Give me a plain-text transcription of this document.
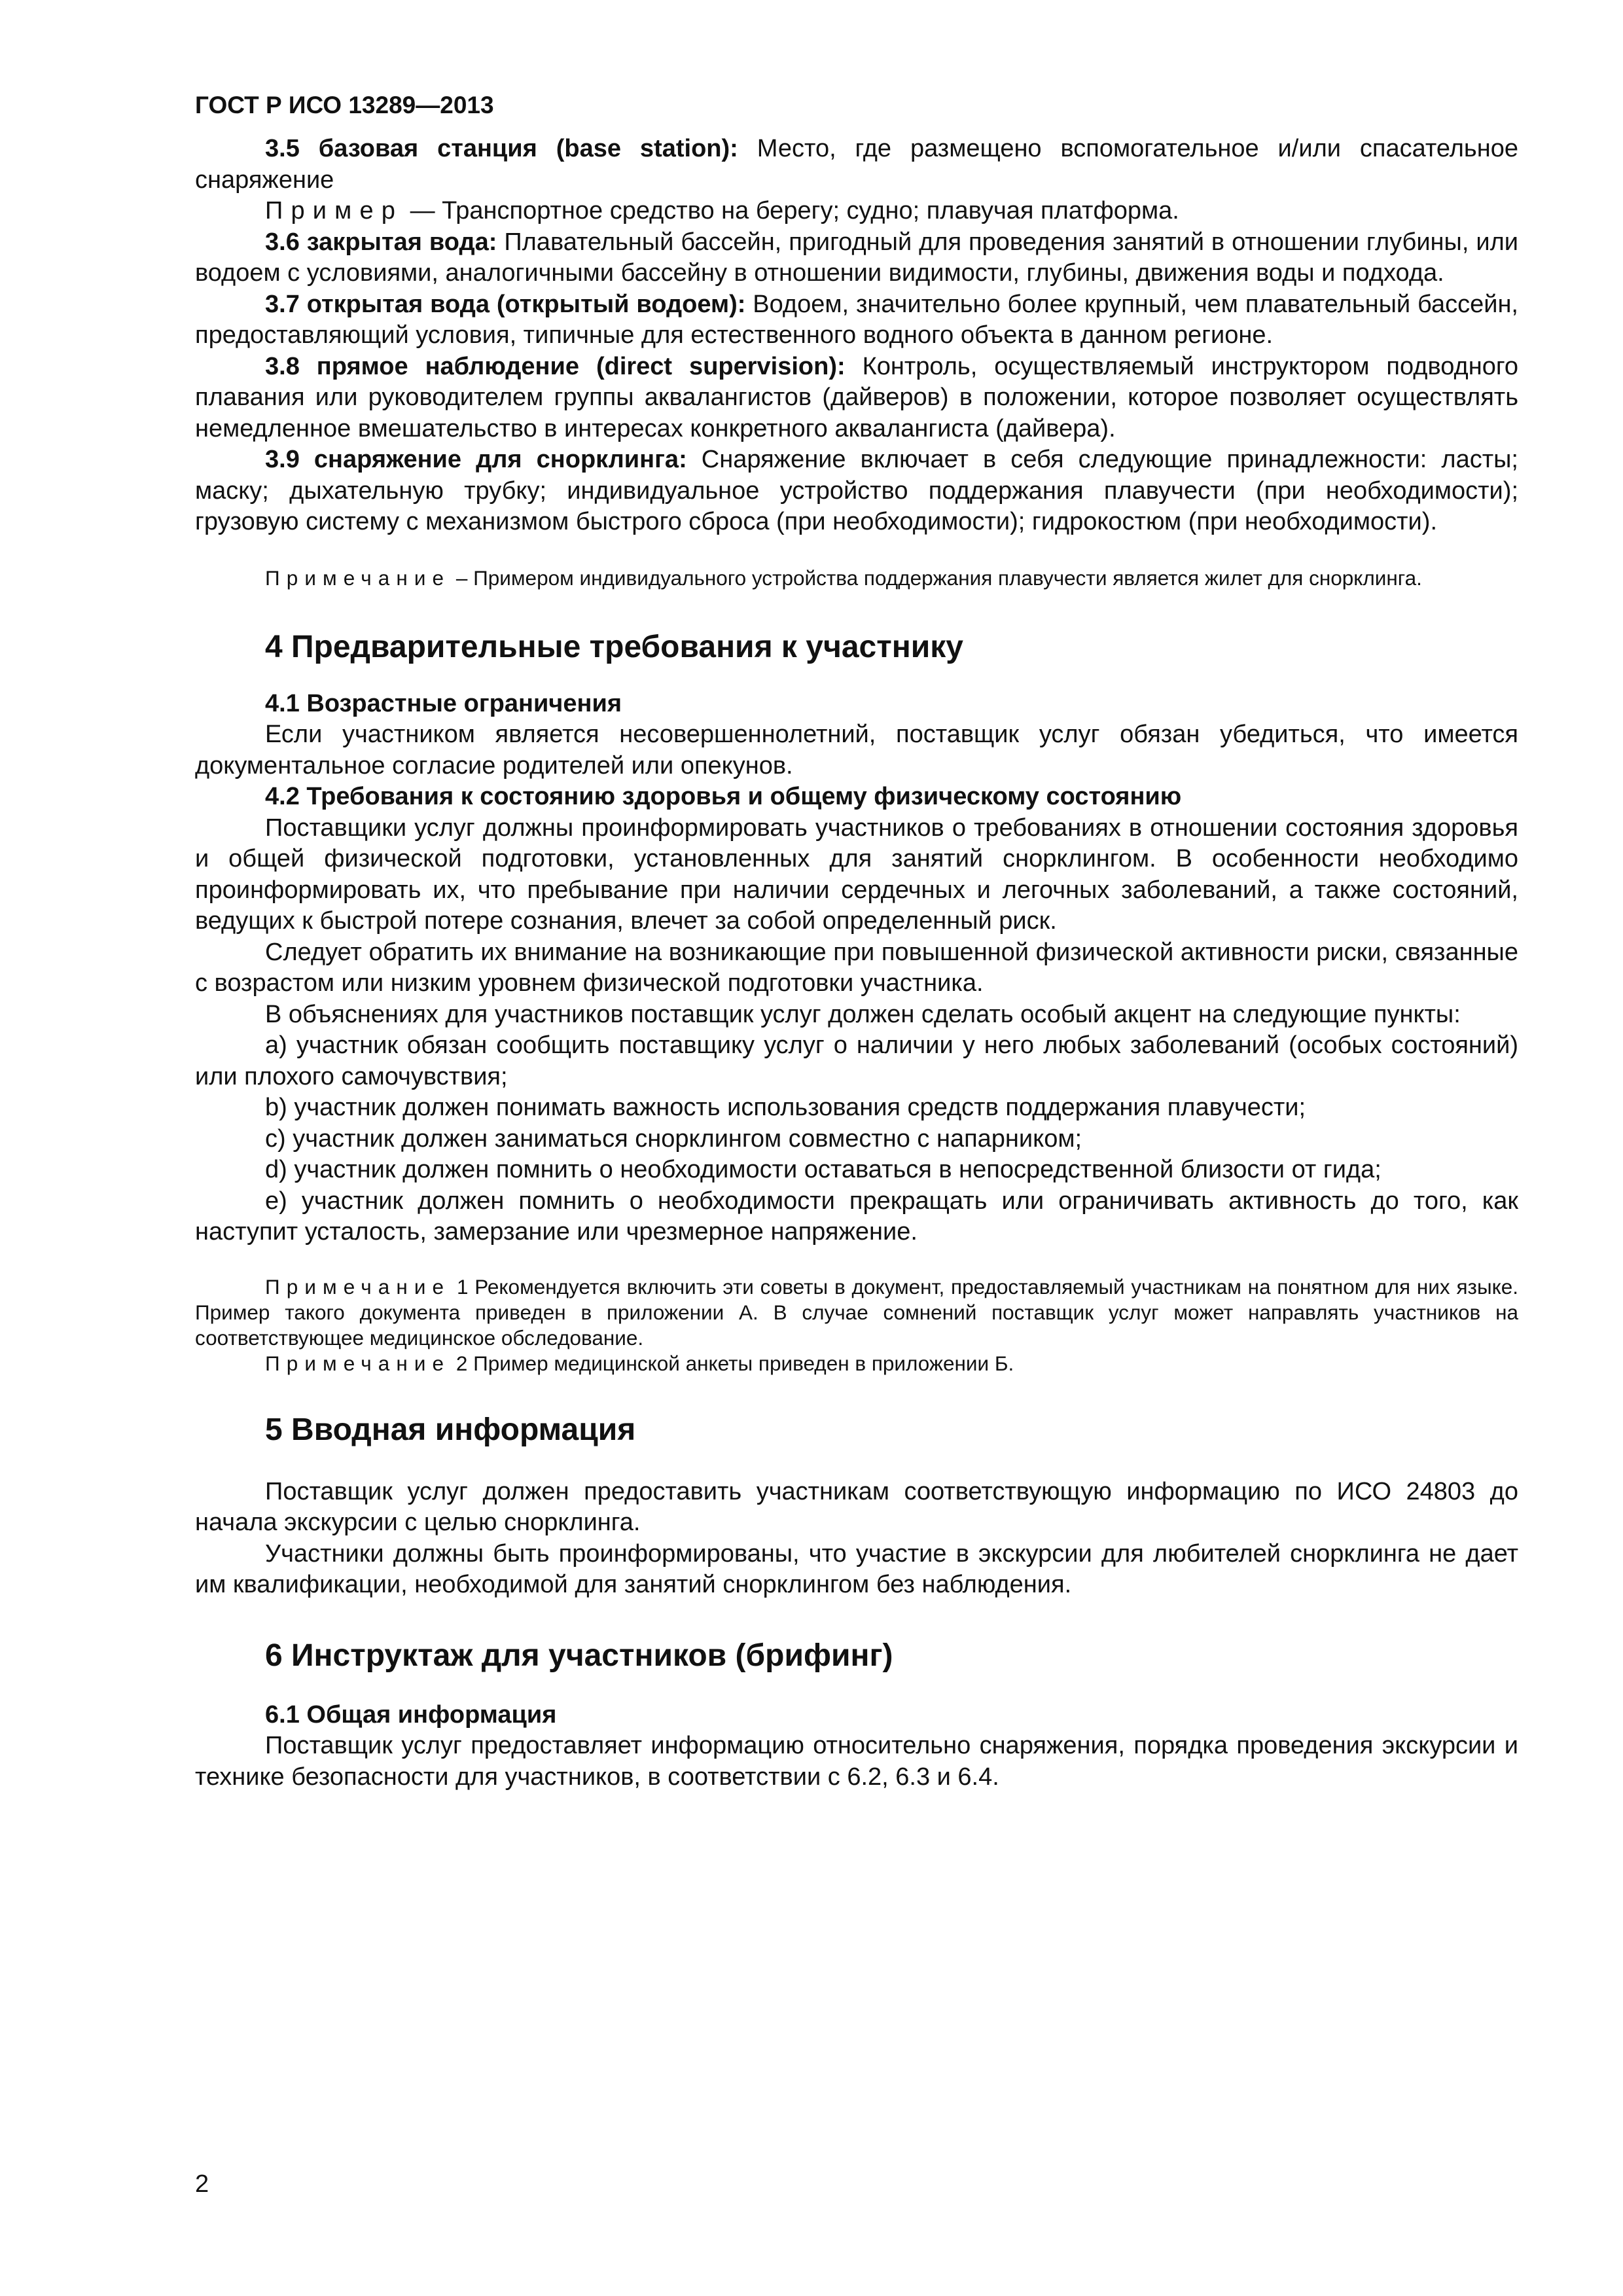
ГОСТ Р ИСО 13289—2013

3.5 базовая станция (base station): Место, где размещено вспомогательное и/или спасательное снаряжение

Пример — Транспортное средство на берегу; судно; плавучая платформа.

3.6 закрытая вода: Плавательный бассейн, пригодный для проведения занятий в отношении глубины, или водоем с условиями, аналогичными бассейну в отношении видимости, глубины, движения воды и подхода.

3.7 открытая вода (открытый водоем): Водоем, значительно более крупный, чем плавательный бассейн, предоставляющий условия, типичные для естественного водного объекта в данном регионе.

3.8 прямое наблюдение (direct supervision): Контроль, осуществляемый инструктором подводного плавания или руководителем группы аквалангистов (дайверов) в положении, которое позволяет осуществлять немедленное вмешательство в интересах конкретного аквалангиста (дайвера).

3.9 снаряжение для снорклинга: Снаряжение включает в себя следующие принадлежности: ласты; маску; дыхательную трубку; индивидуальное устройство поддержания плавучести (при необходимости); грузовую систему с механизмом быстрого сброса (при необходимости); гидрокостюм (при необходимости).

Примечание – Примером индивидуального устройства поддержания плавучести является жилет для снорклинга.

4 Предварительные требования к участнику
4.1 Возрастные ограничения

Если участником является несовершеннолетний, поставщик услуг обязан убедиться, что имеется документальное согласие родителей или опекунов.

4.2 Требования к состоянию здоровья и общему физическому состоянию

Поставщики услуг должны проинформировать участников о требованиях в отношении состояния здоровья и общей физической подготовки, установленных для занятий снорклингом. В особенности необходимо проинформировать их, что пребывание при наличии сердечных и легочных заболеваний, а также состояний, ведущих к быстрой потере сознания, влечет за собой определенный риск.

Следует обратить их внимание на возникающие при повышенной физической активности риски, связанные с возрастом или низким уровнем физической подготовки участника.

В объяснениях для участников поставщик услуг должен сделать особый акцент на следующие пункты:

а) участник обязан сообщить поставщику услуг о наличии у него любых заболеваний (особых состояний) или плохого самочувствия;

b) участник должен понимать важность использования средств поддержания плавучести;

с) участник должен заниматься снорклингом совместно с напарником;

d) участник должен помнить о необходимости оставаться в непосредственной близости от гида;

е) участник должен помнить о необходимости прекращать или ограничивать активность до того, как наступит усталость, замерзание или чрезмерное напряжение.

Примечание 1 Рекомендуется включить эти советы в документ, предоставляемый участникам на понятном для них языке. Пример такого документа приведен в приложении А. В случае сомнений поставщик услуг может направлять участников на соответствующее медицинское обследование.

Примечание 2 Пример медицинской анкеты приведен в приложении Б.

5 Вводная информация

Поставщик услуг должен предоставить участникам соответствующую информацию по ИСО 24803 до начала экскурсии с целью снорклинга.

Участники должны быть проинформированы, что участие в экскурсии для любителей снорклинга не дает им квалификации, необходимой для занятий снорклингом без наблюдения.

6 Инструктаж для участников (брифинг)
6.1 Общая информация

Поставщик услуг предоставляет информацию относительно снаряжения, порядка проведения экскурсии и технике безопасности для участников, в соответствии с 6.2, 6.3 и 6.4.

2
